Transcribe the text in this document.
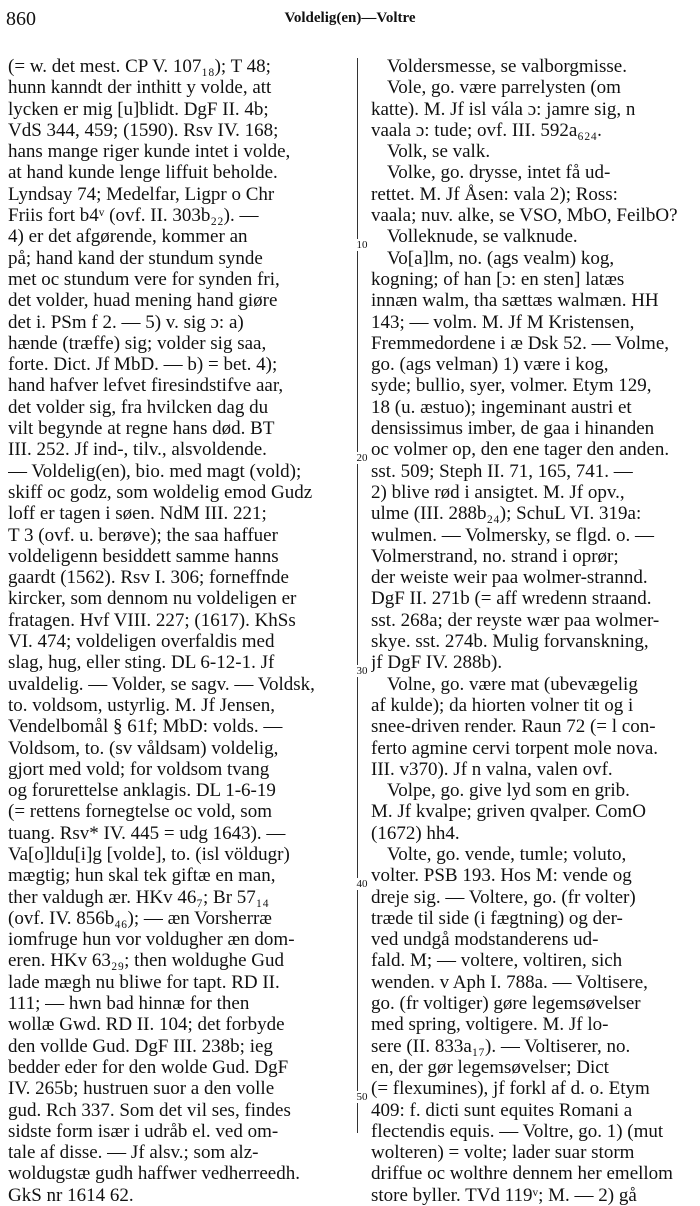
860	Voldelig(en)—Voltre
10
20
30
40
50
(= w. det mest. CP V. 107₁₈); T 48;
hunn kanndt der inthitt y volde, att
lycken er mig [u]blidt. DgF II. 4b;
VdS 344, 459; (1590). Rsv IV. 168;
hans mange riger kunde intet i volde,
at hand kunde lenge liffuit beholde.
Lyndsay 74; Medelfar, Ligpr o Chr
Friis fort b4ᵛ (ovf. II. 303b₂₂). —
4) er det afgørende, kommer an
på; hand kand der stundum synde
met oc stundum vere for synden fri,
det volder, huad mening hand giøre
det i. PSm f 2. — 5) v. sig ɔ: a)
hænde (træffe) sig; volder sig saa,
forte. Dict. Jf MbD. — b) = bet. 4);
hand hafver lefvet firesindstifve aar,
det volder sig, fra hvilcken dag du
vilt begynde at regne hans død. BT
III. 252. Jf ind-, tilv., alsvoldende.
— Voldelig(en), bio. med magt (vold);
skiff oc godz, som woldelig emod Gudz
loff er tagen i søen. NdM III. 221;
T 3 (ovf. u. berøve); the saa haffuer
voldeligenn besiddett samme hanns
gaardt (1562). Rsv I. 306; forneffnde
kircker, som dennom nu voldeligen er
fratagen. Hvf VIII. 227; (1617). KhSs
VI. 474; voldeligen overfaldis med
slag, hug, eller sting. DL 6-12-1. Jf
uvaldelig. — Volder, se sagv. — Voldsk,
to. voldsom, ustyrlig. M. Jf Jensen,
Vendelbomål § 61f; MbD: volds. —
Voldsom, to. (sv våldsam) voldelig,
gjort med vold; for voldsom tvang
og forurettelse anklagis. DL 1-6-19
(= rettens fornegtelse oc vold, som
tuang. Rsv* IV. 445 = udg 1643). —
Va[o]ldu[i]g [volde], to. (isl völdugr)
mægtig; hun skal tek giftæ en man,
ther valdugh ær. HKv 46₇; Br 57₁₄
(ovf. IV. 856b₄₆); — æn Vorsherræ
iomfruge hun vor voldugher æn dom-
eren. HKv 63₂₉; then woldughe Gud
lade mægh nu bliwe for tapt. RD II.
111; — hwn bad hinnæ for then
wollæ Gwd. RD II. 104; det forbyde
den vollde Gud. DgF III. 238b; ieg
bedder eder for den wolde Gud. DgF
IV. 265b; hustruen suor a den volle
gud. Rch 337. Som det vil ses, findes
sidste form især i udråb el. ved om-
tale af disse. — Jf alsv.; som alz-
woldugstæ gudh haffwer vedherreedh.
GkS nr 1614 62.
Voldersmesse, se valborgmisse.
Vole, go. være parrelysten (om
katte). M. Jf isl vála ɔ: jamre sig, n
vaala ɔ: tude; ovf. III. 592a₆₂₄.
Volk, se valk.
Volke, go. drysse, intet få ud-
rettet. M. Jf Åsen: vala 2); Ross:
vaala; nuv. alke, se VSO, MbO, FeilbO?
Volleknude, se valknude.
Vo[a]lm, no. (ags vealm) kog,
kogning; of han [ɔ: en sten] latæs
innæn walm, tha sættæs walmæn. HH
143; — volm. M. Jf M Kristensen,
Fremmedordene i æ Dsk 52. — Volme,
go. (ags velman) 1) være i kog,
syde; bullio, syer, volmer. Etym 129,
18 (u. æstuo); ingeminant austri et
densissimus imber, de gaa i hinanden
oc volmer op, den ene tager den anden.
sst. 509; Steph II. 71, 165, 741. —
2) blive rød i ansigtet. M. Jf opv.,
ulme (III. 288b₂₄); SchuL VI. 319a:
wulmen. — Volmersky, se flgd. o. —
Volmerstrand, no. strand i oprør;
der weiste weir paa wolmer-strannd.
DgF II. 271b (= aff wredenn straand.
sst. 268a; der reyste wær paa wolmer-
skye. sst. 274b. Mulig forvanskning,
jf DgF IV. 288b).
Volne, go. være mat (ubevægelig
af kulde); da hiorten volner tit og i
snee-driven render. Raun 72 (= l con-
ferto agmine cervi torpent mole nova.
III. v370). Jf n valna, valen ovf.
Volpe, go. give lyd som en grib.
M. Jf kvalpe; griven qvalper. ComO
(1672) hh4.
Volte, go. vende, tumle; voluto,
volter. PSB 193. Hos M: vende og
dreje sig. — Voltere, go. (fr volter)
træde til side (i fægtning) og der-
ved undgå modstanderens ud-
fald. M; — voltere, voltiren, sich
wenden. v Aph I. 788a. — Voltisere,
go. (fr voltiger) gøre legemsøvelser
med spring, voltigere. M. Jf lo-
sere (II. 833a₁₇). — Voltiserer, no.
en, der gør legemsøvelser; Dict
(= flexumines), jf forkl af d. o. Etym
409: f. dicti sunt equites Romani a
flectendis equis. — Voltre, go. 1) (mut
wolteren) = volte; lader suar storm
driffue oc wolthre dennem her emellom
store byller. TVd 119ᵛ; M. — 2) gå
